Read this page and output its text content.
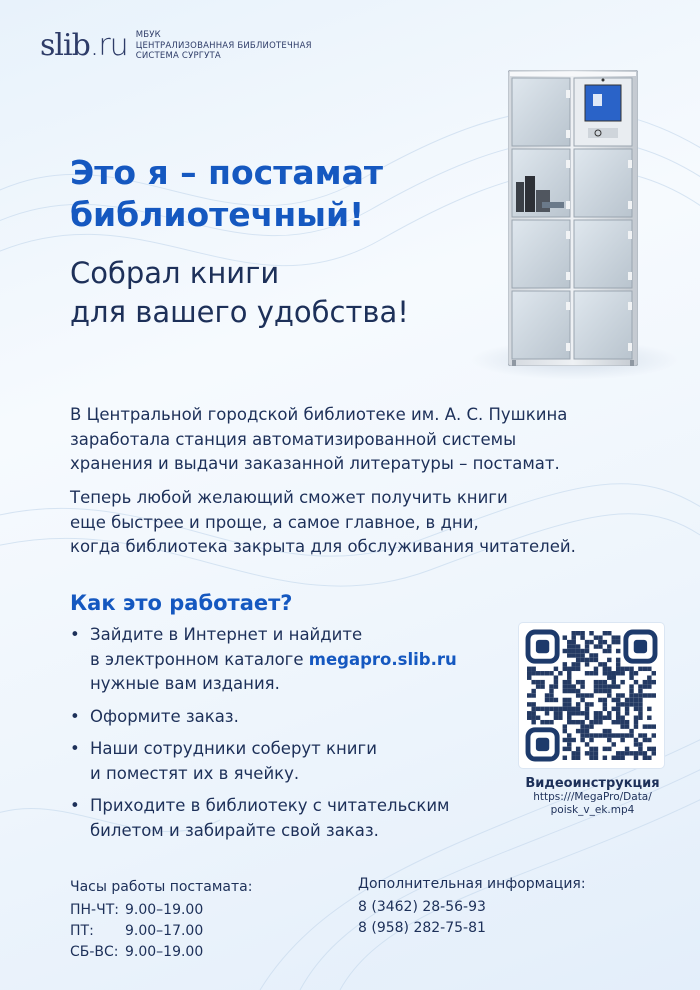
slib.ru МБУК
ЦЕНТРАЛИЗОВАННАЯ БИБЛИОТЕЧНАЯ
СИСТЕМА СУРГУТА
Это я – постамат
библиотечный!
Собрал книги
для вашего удобства!
В Центральной городской библиотеке им. А. С. Пушкина
заработала станция автоматизированной системы
хранения и выдачи заказанной литературы – постамат.
Теперь любой желающий сможет получить книги
еще быстрее и проще, а самое главное, в дни,
когда библиотека закрыта для обслуживания читателей.
Как это работает?
• Зайдите в Интернет и найдите
в электронном каталоге megapro.slib.ru
нужные вам издания.
• Оформите заказ.
• Наши сотрудники соберут книги
и поместят их в ячейку.
• Приходите в библиотеку с читательским
билетом и забирайте свой заказ.
Видеоинструкция
https:///MegaPro/Data/
poisk_v_ek.mp4
Часы работы постамата:
ПН-ЧТ: 9.00–19.00
ПТ: 9.00–17.00
СБ-ВС: 9.00–19.00
Дополнительная информация:
8 (3462) 28-56-93
8 (958) 282-75-81
